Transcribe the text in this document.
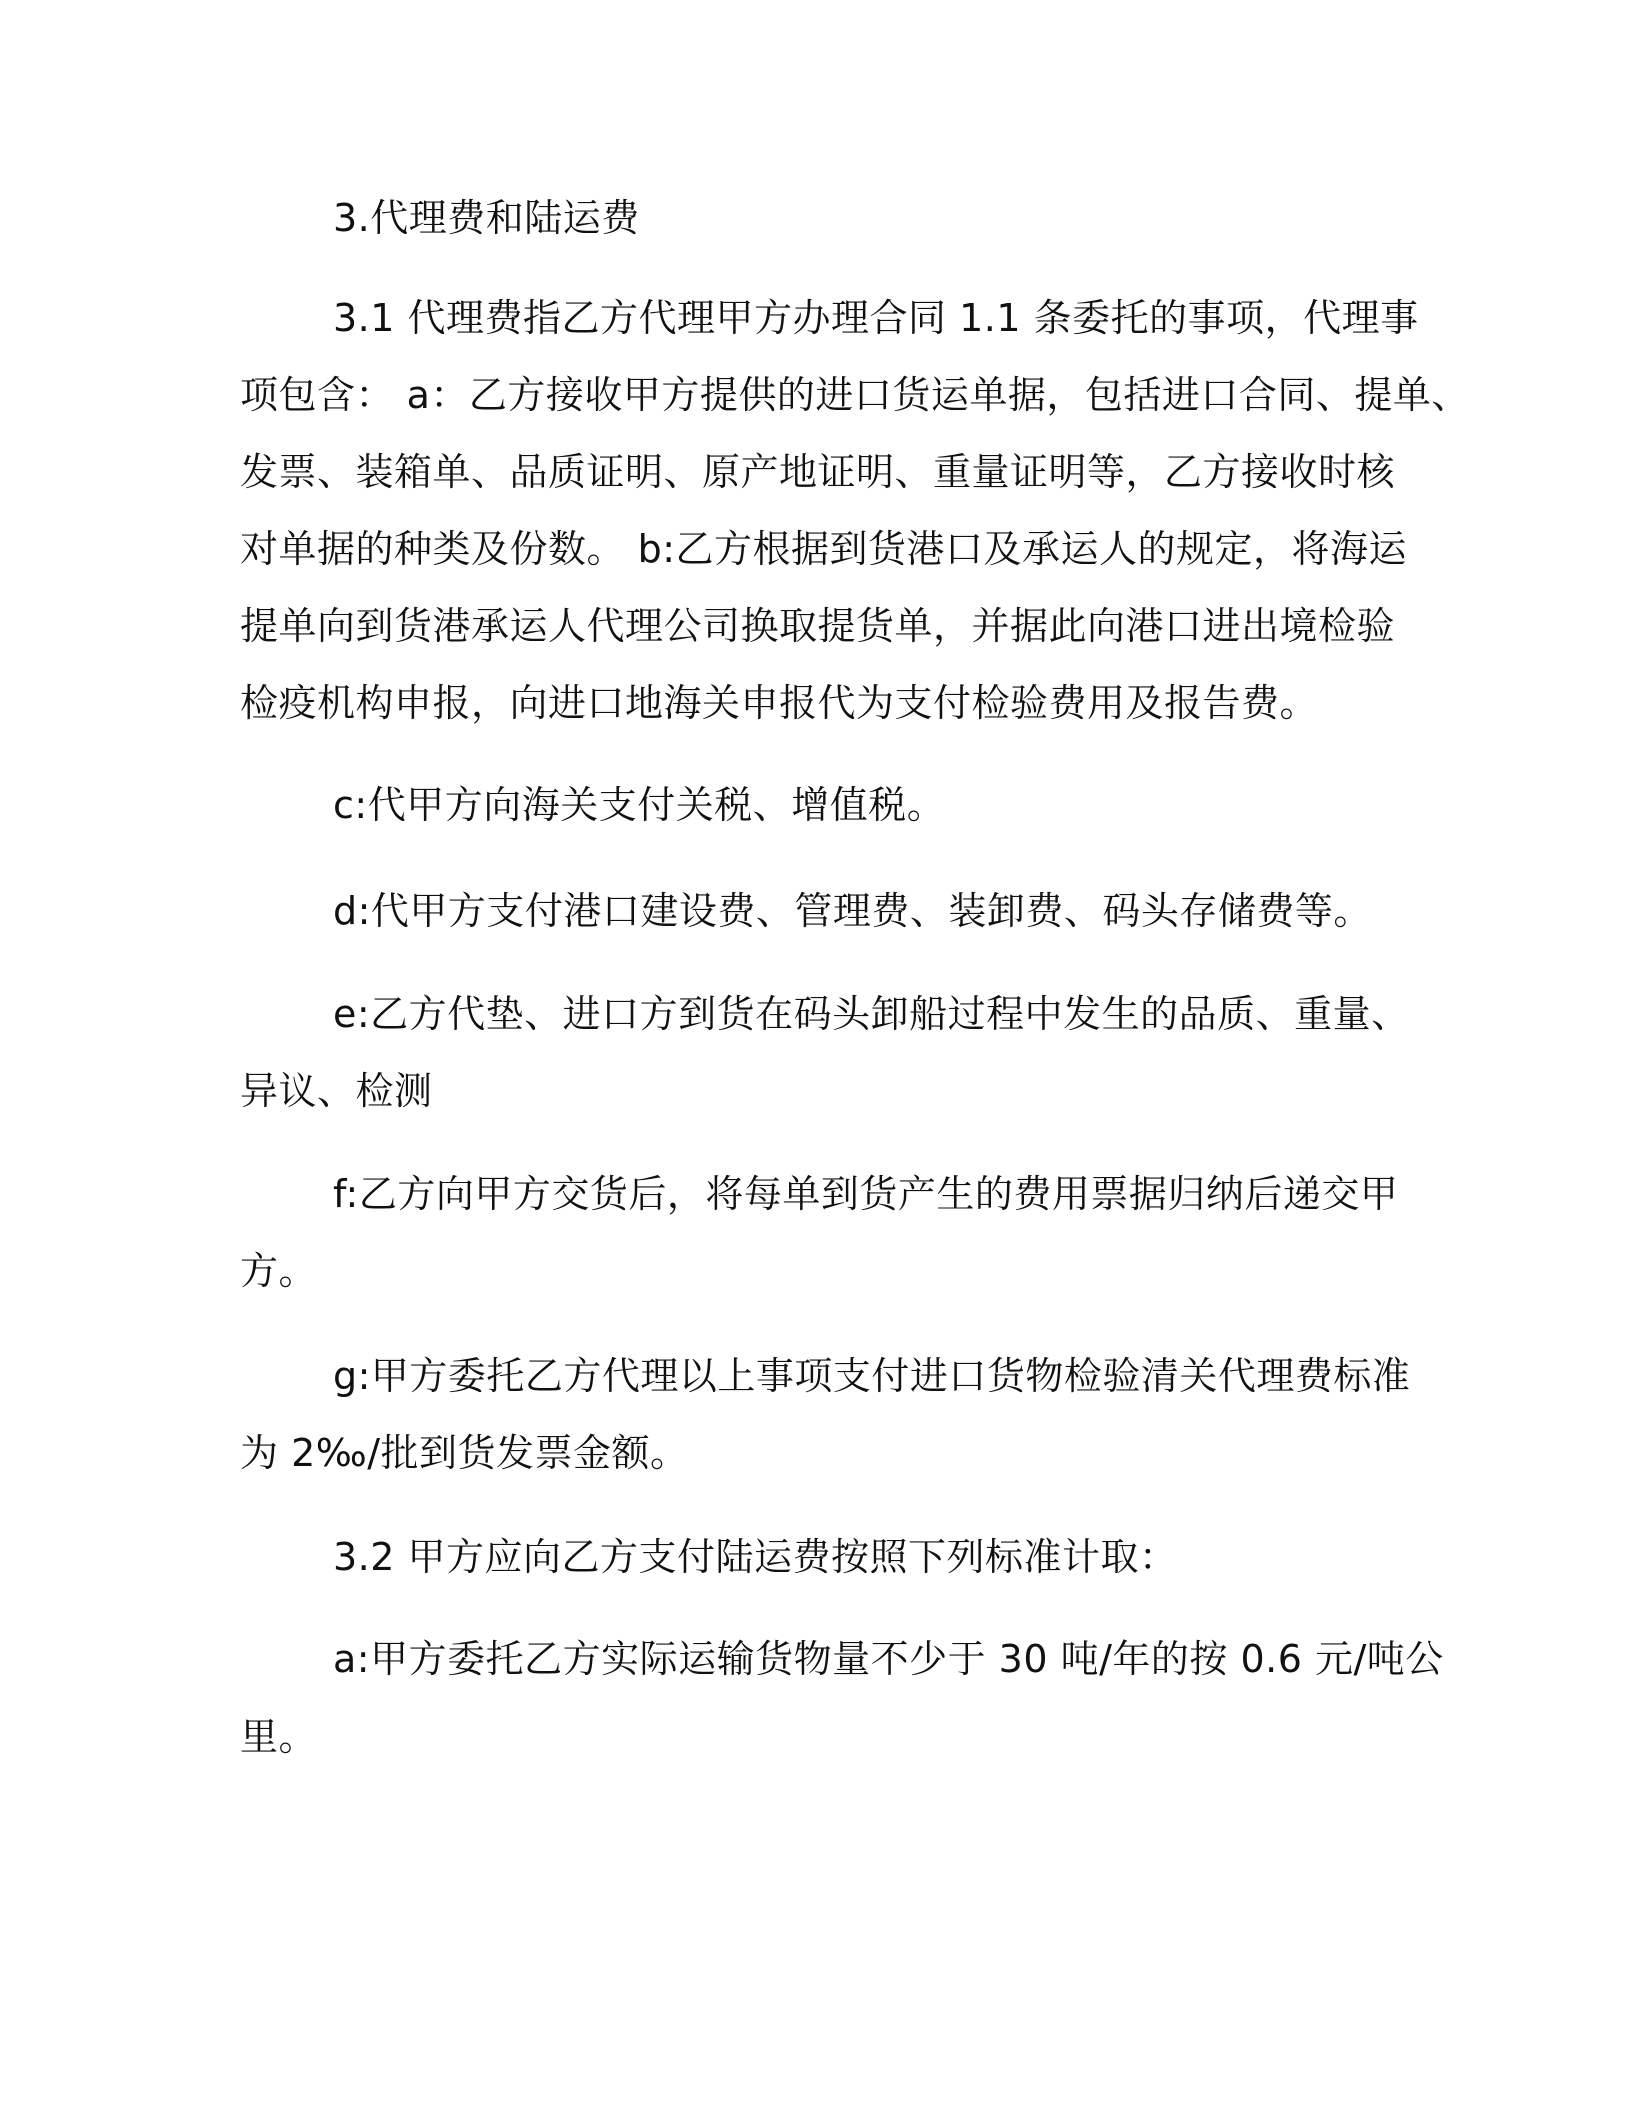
3.代理费和陆运费
3.1 代理费指乙方代理甲方办理合同 1.1 条委托的事项，代理事
项包含： a：乙方接收甲方提供的进口货运单据，包括进口合同、提单、
发票、装箱单、品质证明、原产地证明、重量证明等，乙方接收时核
对单据的种类及份数。 b:乙方根据到货港口及承运人的规定，将海运
提单向到货港承运人代理公司换取提货单，并据此向港口进出境检验
检疫机构申报，向进口地海关申报代为支付检验费用及报告费。
c:代甲方向海关支付关税、增值税。
d:代甲方支付港口建设费、管理费、装卸费、码头存储费等。
e:乙方代垫、进口方到货在码头卸船过程中发生的品质、重量、
异议、检测
f:乙方向甲方交货后，将每单到货产生的费用票据归纳后递交甲
方。
g:甲方委托乙方代理以上事项支付进口货物检验清关代理费标准
为 2‰/批到货发票金额。
3.2 甲方应向乙方支付陆运费按照下列标准计取：
a:甲方委托乙方实际运输货物量不少于 30 吨/年的按 0.6 元/吨公
里。
